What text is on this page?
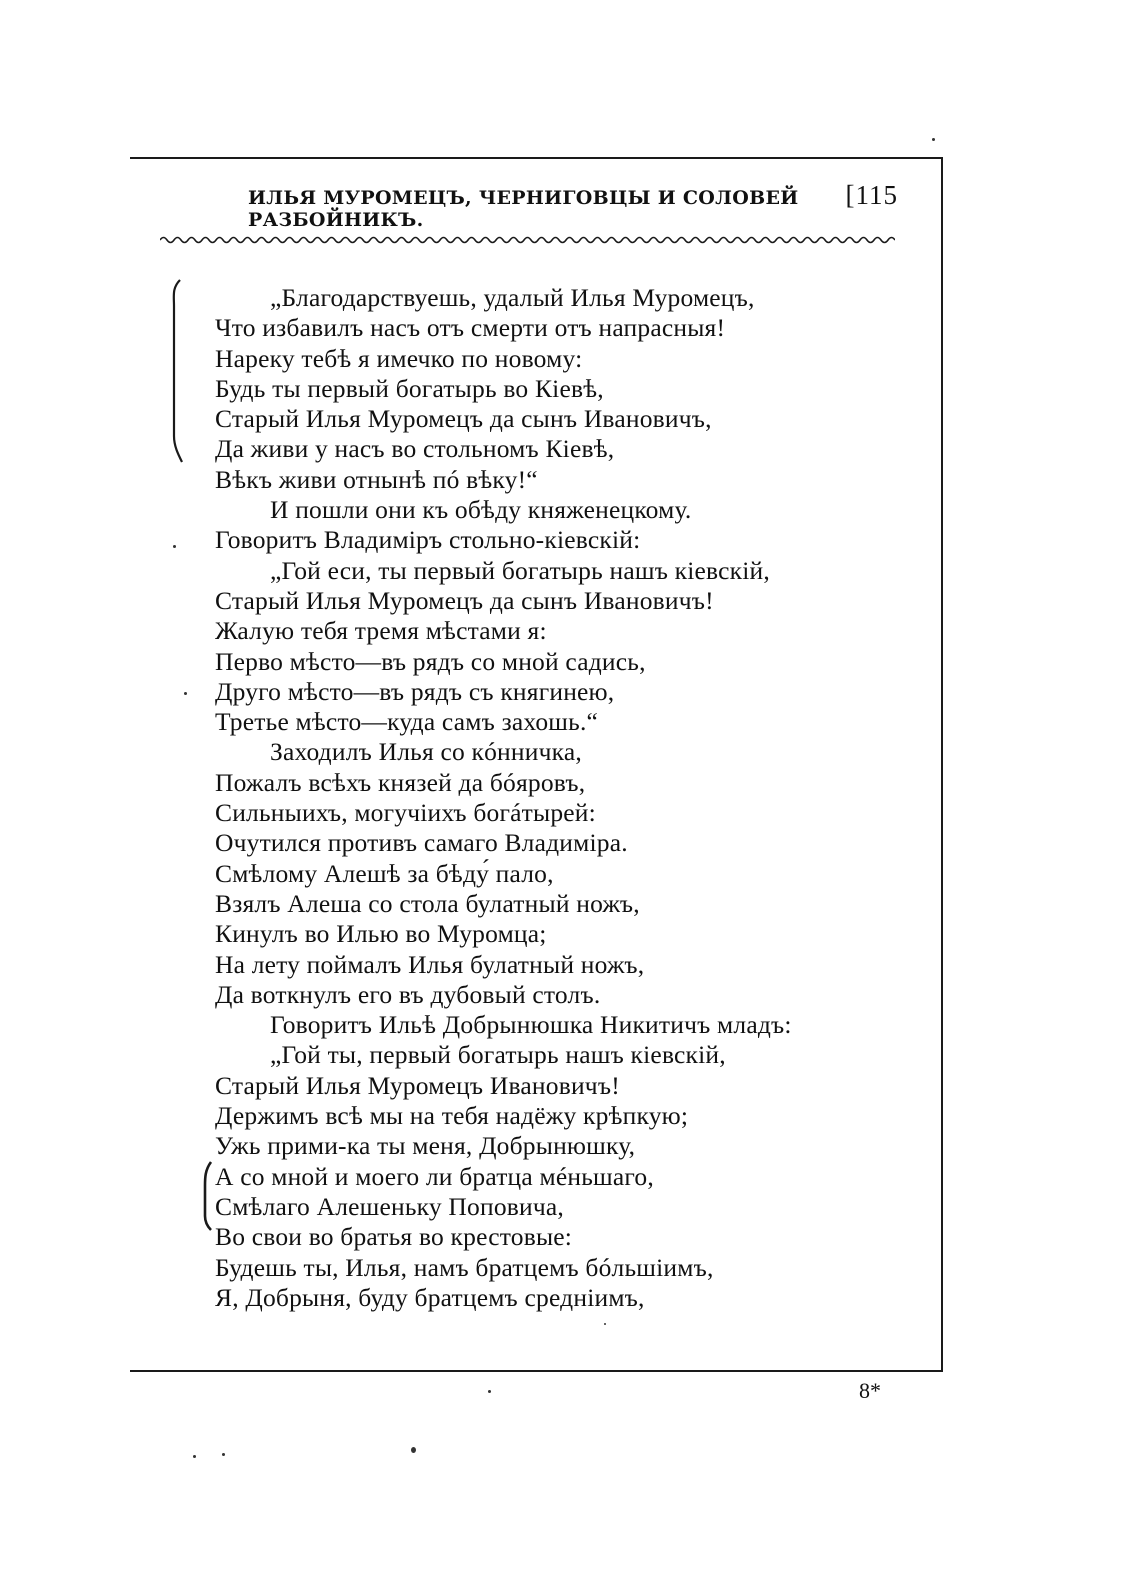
ИЛЬЯ МУРОМЕЦЪ, ЧЕРНИГОВЦЫ И СОЛОВЕЙ РАЗБОЙНИКЪ.
[115
„Благодарствуешь, удалый Илья Муромецъ,
Что избавилъ насъ отъ смерти отъ напрасныя!
Нареку тебѣ я имечко по новому:
Будь ты первый богатырь во Кiевѣ,
Старый Илья Муромецъ да сынъ Ивановичъ,
Да живи у насъ во стольномъ Кiевѣ,
Вѣкъ живи отнынѣ пó вѣку!“
И пошли они къ обѣду княженецкому.
Говоритъ Владимiръ стольно-кiевскiй:
„Гой еси, ты первый богатырь нашъ кiевскiй,
Старый Илья Муромецъ да сынъ Ивановичъ!
Жалую тебя тремя мѣстами я:
Перво мѣсто—въ рядъ со мной садись,
Друго мѣсто—въ рядъ съ княгинею,
Третье мѣсто—куда самъ захошь.“
Заходилъ Илья со кóнничка,
Пожалъ всѣхъ князей да бóяровъ,
Сильныихъ, могучiихъ богáтырей:
Очутился противъ самаго Владимiра.
Смѣлому Алешѣ за бѣду́ пало,
Взялъ Алеша со стола булатный ножъ,
Кинулъ во Илью во Муромца;
На лету поймалъ Илья булатный ножъ,
Да воткнулъ его въ дубовый столъ.
Говоритъ Ильѣ Добрынюшка Никитичъ младъ:
„Гой ты, первый богатырь нашъ кiевскiй,
Старый Илья Муромецъ Ивановичъ!
Держимъ всѣ мы на тебя надёжу крѣпкую;
Ужь прими-ка ты меня, Добрынюшку,
А со мной и моего ли братца мéньшаго,
Смѣлаго Алешеньку Поповича,
Во свои во братья во крестовые:
Будешь ты, Илья, намъ братцемъ бóльшiимъ,
Я, Добрыня, буду братцемъ среднiимъ,
8*
